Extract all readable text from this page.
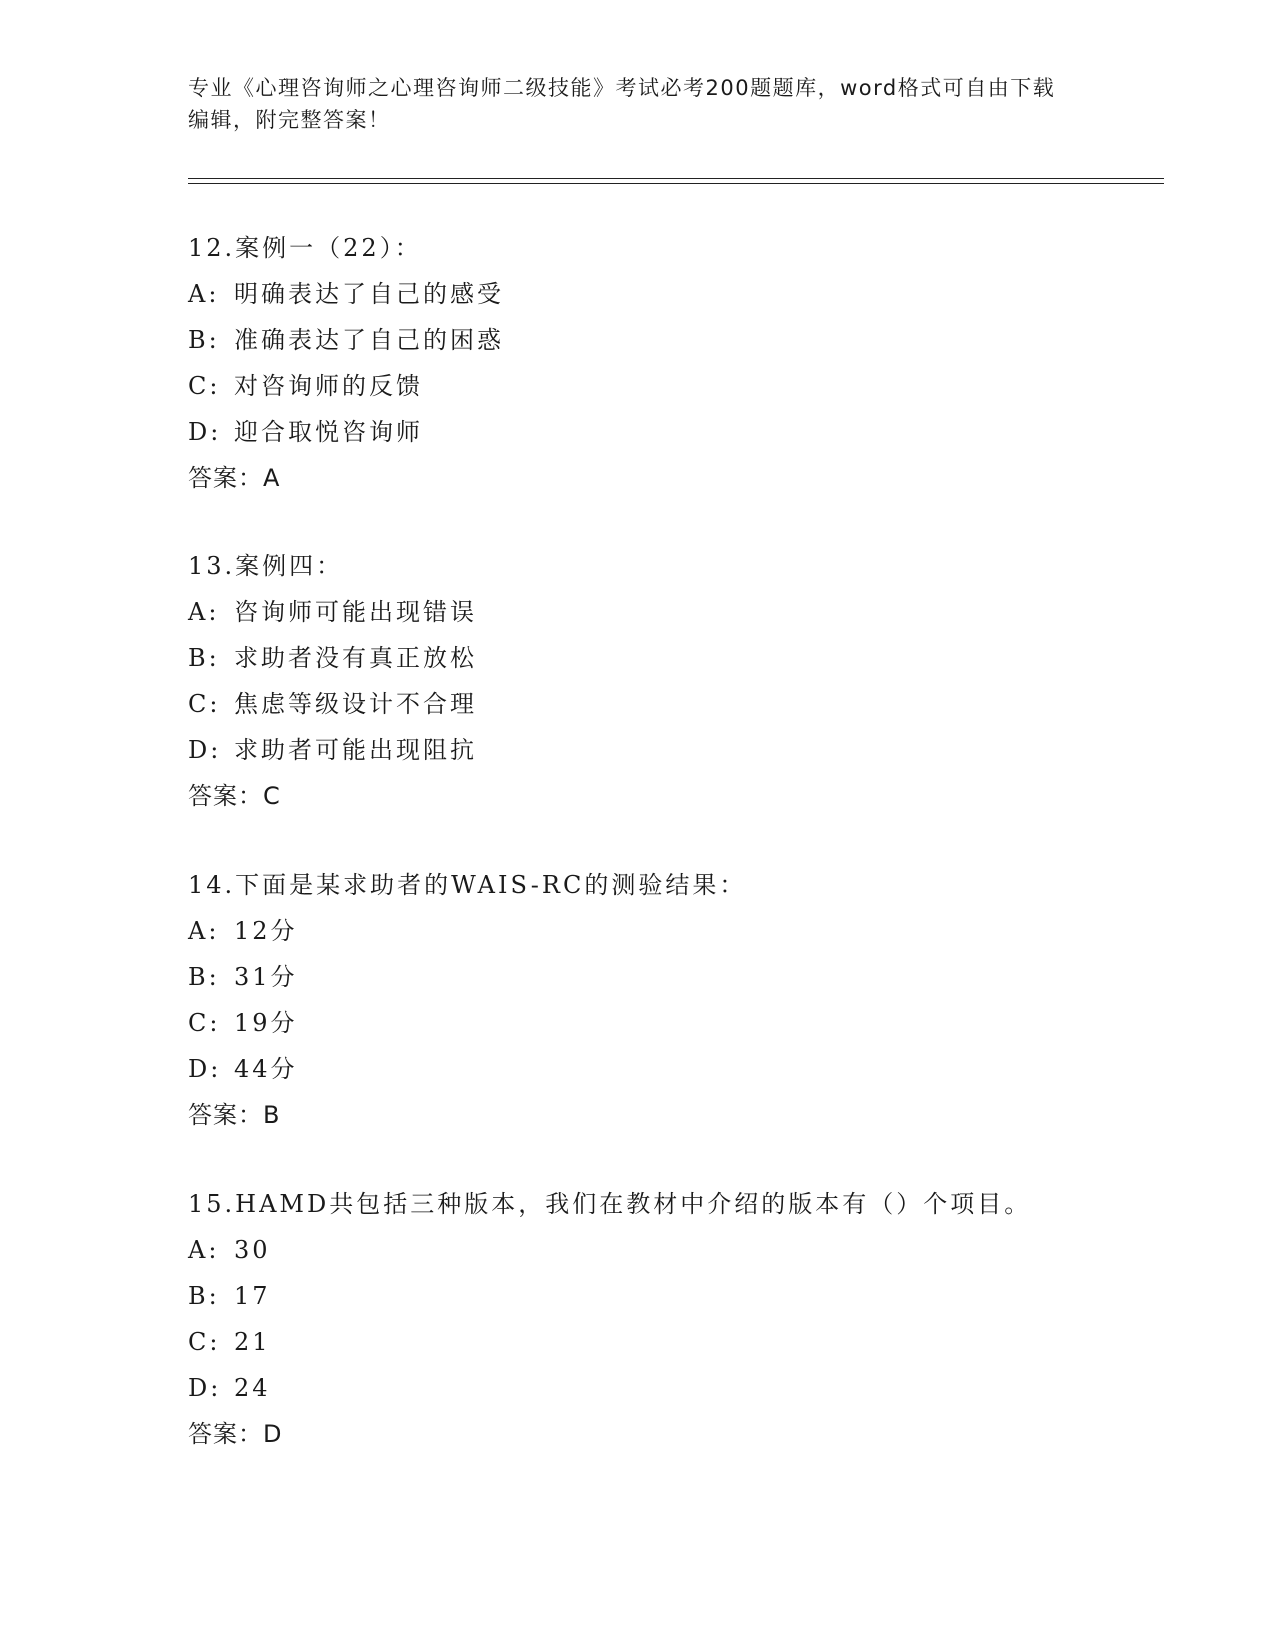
专业《心理咨询师之心理咨询师二级技能》考试必考200题题库，word格式可自由下载编辑，附完整答案！
12.案例一（22）：
A: 明确表达了自己的感受
B: 准确表达了自己的困惑
C: 对咨询师的反馈
D: 迎合取悦咨询师
答案：A
13.案例四：
A: 咨询师可能出现错误
B: 求助者没有真正放松
C: 焦虑等级设计不合理
D: 求助者可能出现阻抗
答案：C
14.下面是某求助者的WAIS-RC的测验结果：
A: 12分
B: 31分
C: 19分
D: 44分
答案：B
15.HAMD共包括三种版本，我们在教材中介绍的版本有（）个项目。
A: 30
B: 17
C: 21
D: 24
答案：D
